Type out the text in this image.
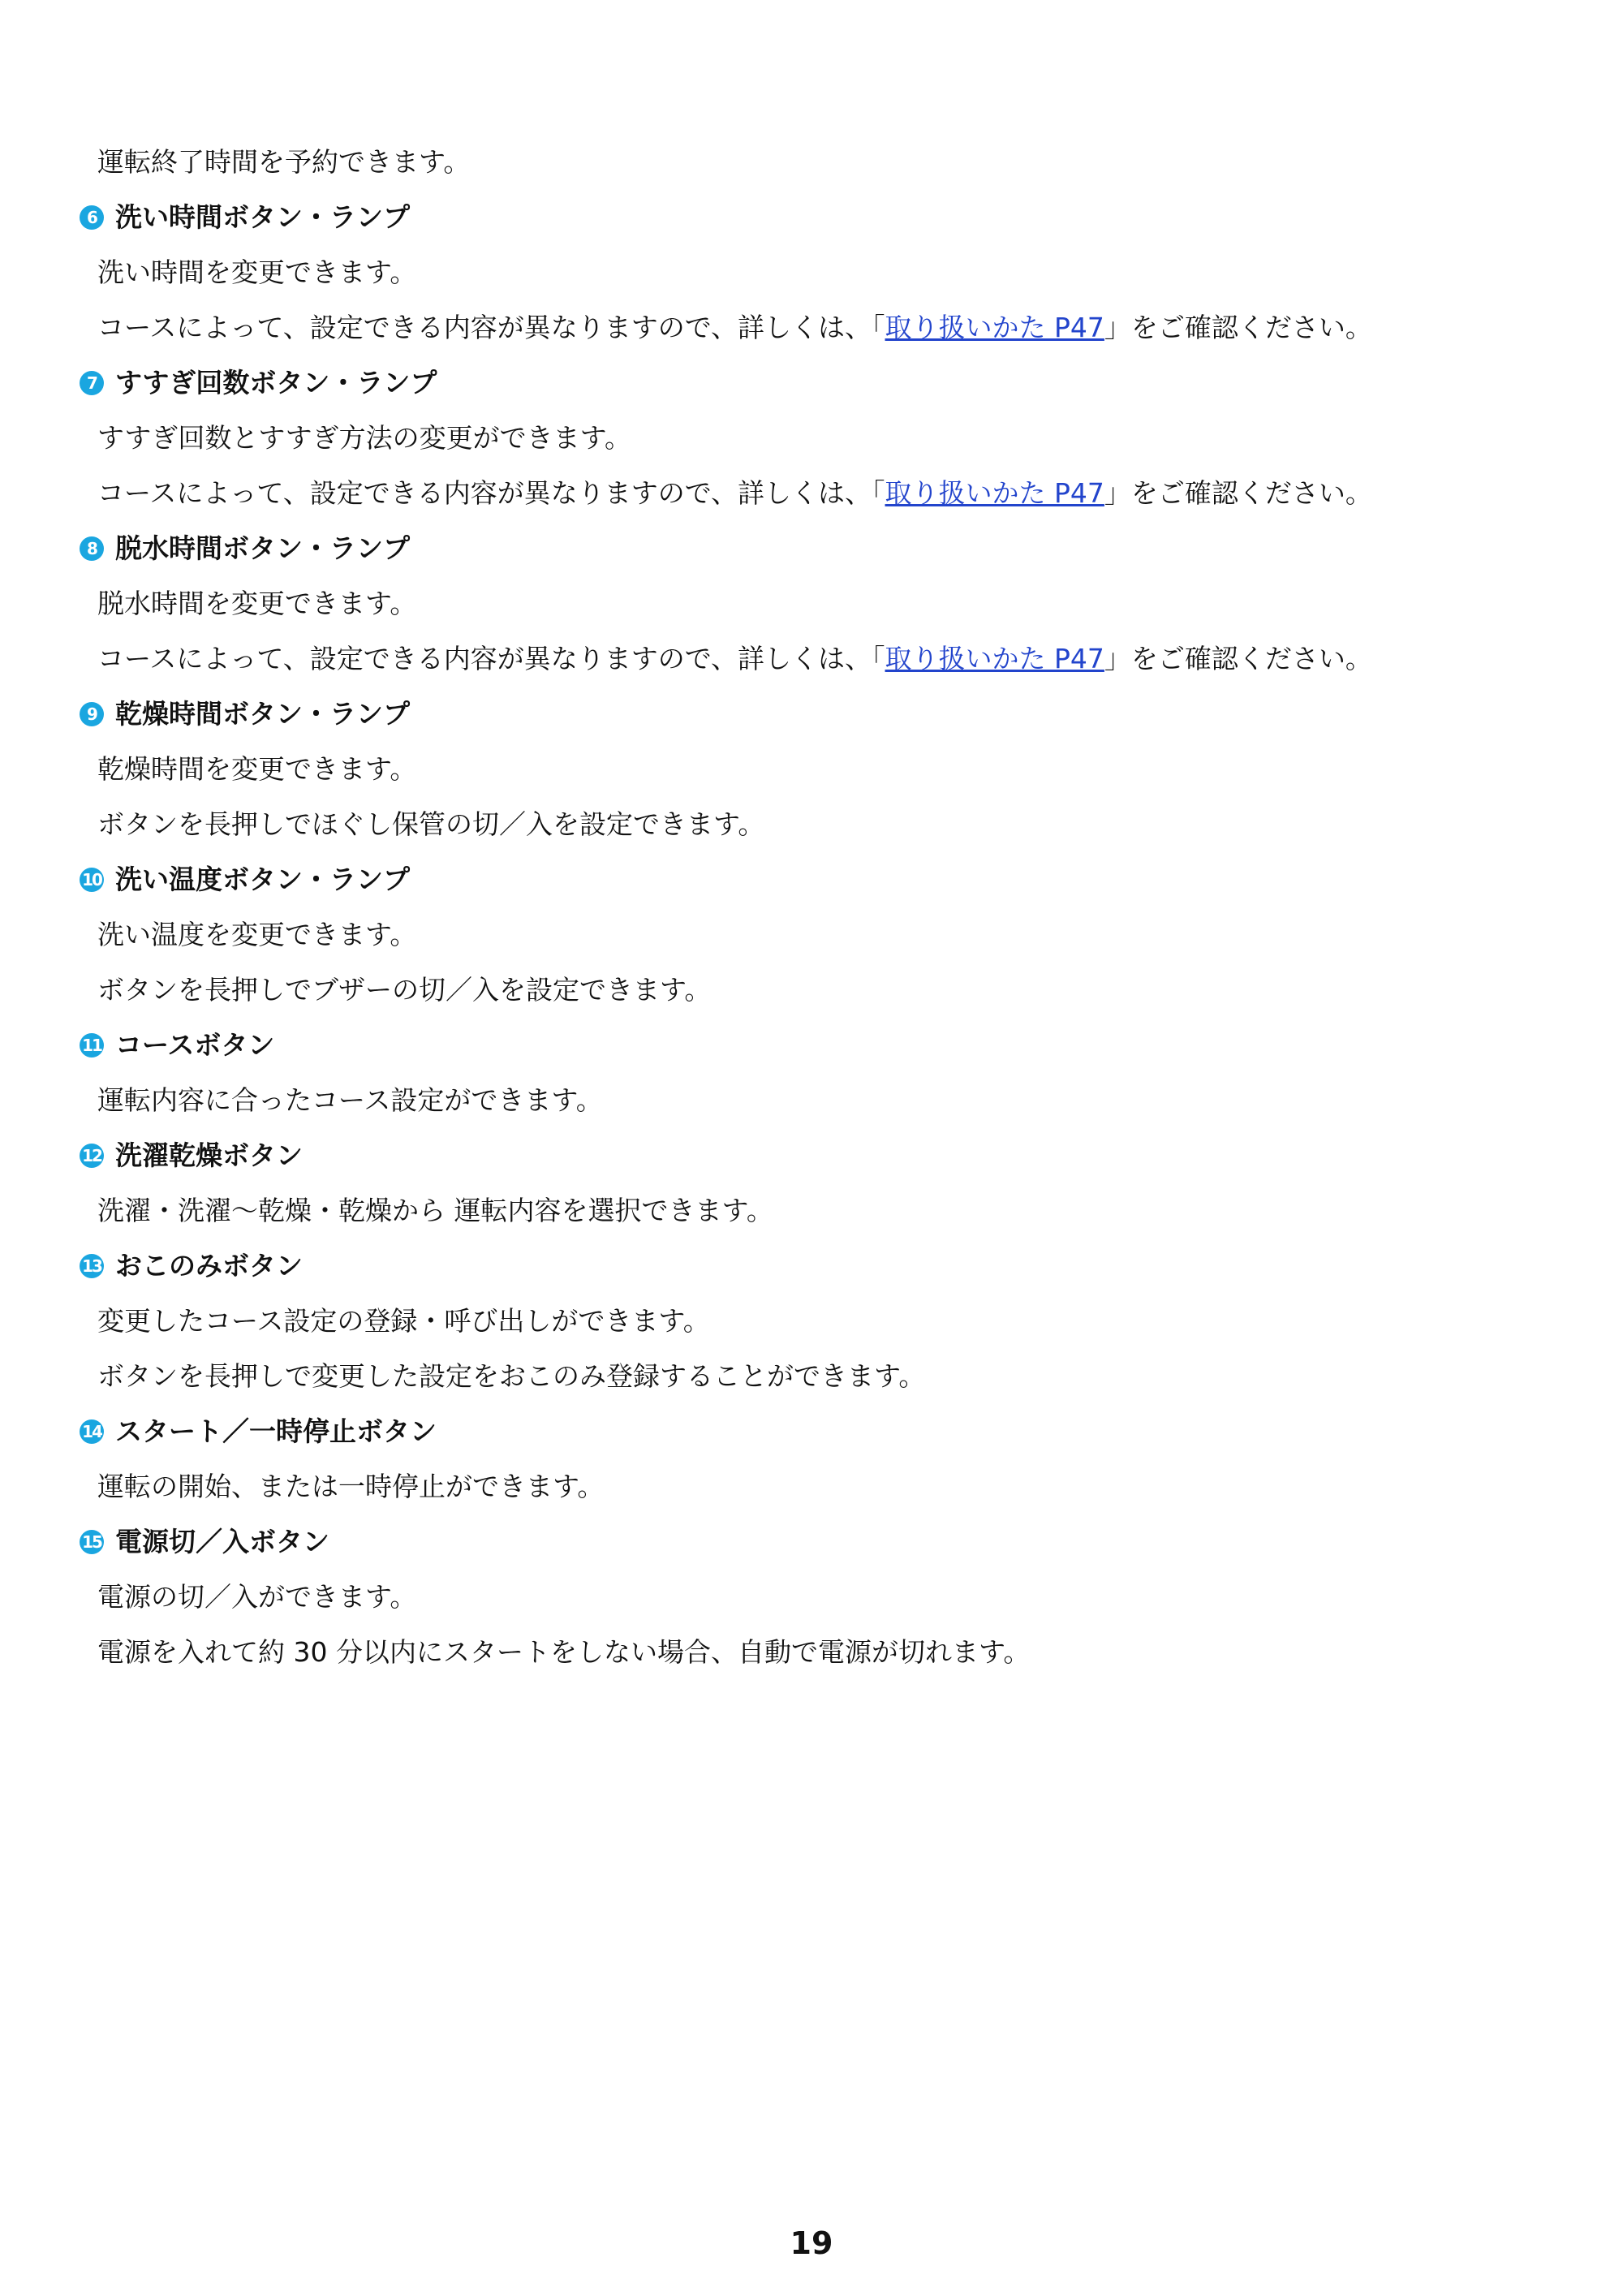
運転終了時間を予約できます。
6 洗い時間ボタン・ランプ
洗い時間を変更できます。
コースによって、設定できる内容が異なりますので、詳しくは、「取り扱いかた P47」をご確認ください。
7 すすぎ回数ボタン・ランプ
すすぎ回数とすすぎ方法の変更ができます。
コースによって、設定できる内容が異なりますので、詳しくは、「取り扱いかた P47」をご確認ください。
8 脱水時間ボタン・ランプ
脱水時間を変更できます。
コースによって、設定できる内容が異なりますので、詳しくは、「取り扱いかた P47」をご確認ください。
9 乾燥時間ボタン・ランプ
乾燥時間を変更できます。
ボタンを長押しでほぐし保管の切／入を設定できます。
10 洗い温度ボタン・ランプ
洗い温度を変更できます。
ボタンを長押しでブザーの切／入を設定できます。
11 コースボタン
運転内容に合ったコース設定ができます。
12 洗濯乾燥ボタン
洗濯・洗濯～乾燥・乾燥から 運転内容を選択できます。
13 おこのみボタン
変更したコース設定の登録・呼び出しができます。
ボタンを長押しで変更した設定をおこのみ登録することができます。
14 スタート／一時停止ボタン
運転の開始、または一時停止ができます。
15 電源切／入ボタン
電源の切／入ができます。
電源を入れて約 30 分以内にスタートをしない場合、自動で電源が切れます。
19
